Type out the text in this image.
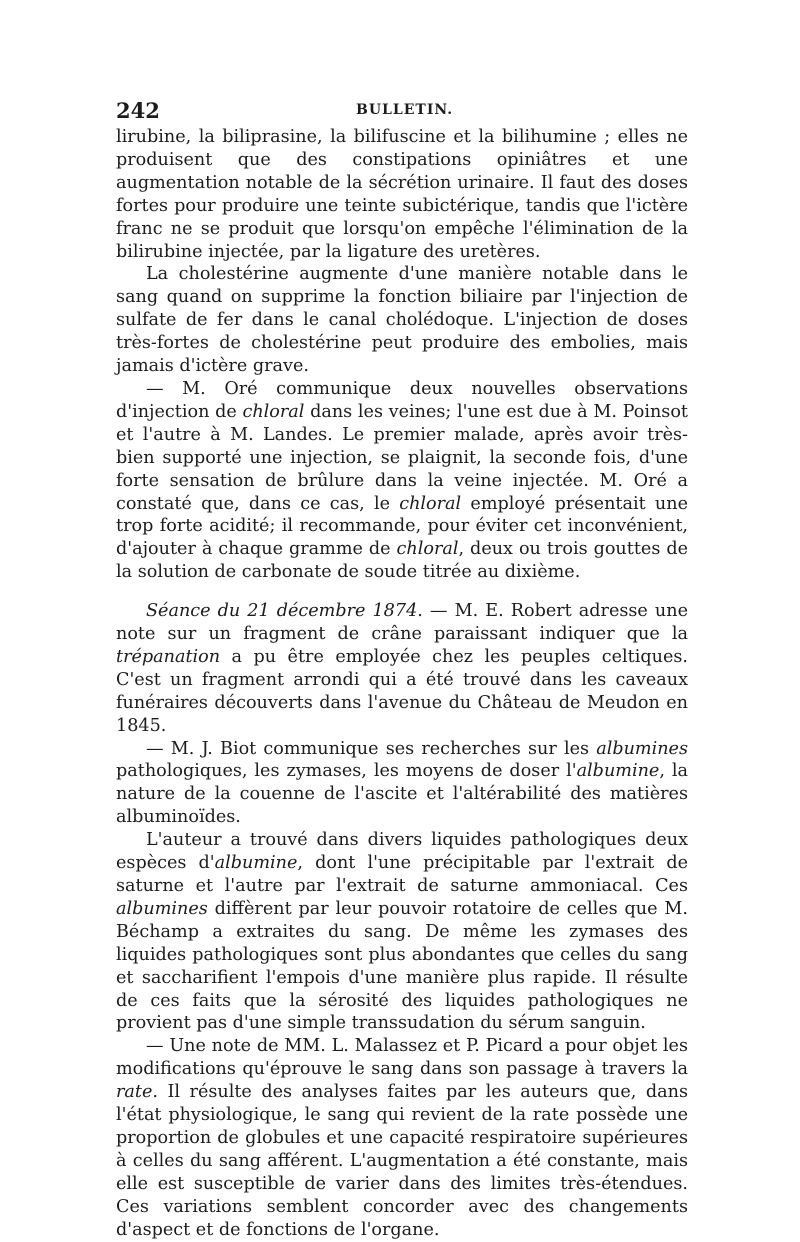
242	BULLETIN.

lirubine, la biliprasine, la bilifuscine et la bilihumine ; elles ne produisent que des constipations opiniâtres et une augmentation notable de la sécrétion urinaire. Il faut des doses fortes pour produire une teinte subictérique, tandis que l'ictère franc ne se produit que lorsqu'on empêche l'élimination de la bilirubine injectée, par la ligature des uretères.

La cholestérine augmente d'une manière notable dans le sang quand on supprime la fonction biliaire par l'injection de sulfate de fer dans le canal cholédoque. L'injection de doses très-fortes de cholestérine peut produire des embolies, mais jamais d'ictère grave.

— M. Oré communique deux nouvelles observations d'injection de chloral dans les veines; l'une est due à M. Poinsot et l'autre à M. Landes. Le premier malade, après avoir très-bien supporté une injection, se plaignit, la seconde fois, d'une forte sensation de brûlure dans la veine injectée. M. Oré a constaté que, dans ce cas, le chloral employé présentait une trop forte acidité; il recommande, pour éviter cet inconvénient, d'ajouter à chaque gramme de chloral, deux ou trois gouttes de la solution de carbonate de soude titrée au dixième.

Séance du 21 décembre 1874. — M. E. Robert adresse une note sur un fragment de crâne paraissant indiquer que la trépanation a pu être employée chez les peuples celtiques. C'est un fragment arrondi qui a été trouvé dans les caveaux funéraires découverts dans l'avenue du Château de Meudon en 1845.

— M. J. Biot communique ses recherches sur les albumines pathologiques, les zymases, les moyens de doser l'albumine, la nature de la couenne de l'ascite et l'altérabilité des matières albuminoïdes.

L'auteur a trouvé dans divers liquides pathologiques deux espèces d'albumine, dont l'une précipitable par l'extrait de saturne et l'autre par l'extrait de saturne ammoniacal. Ces albumines diffèrent par leur pouvoir rotatoire de celles que M. Béchamp a extraites du sang. De même les zymases des liquides pathologiques sont plus abondantes que celles du sang et saccharifient l'empois d'une manière plus rapide. Il résulte de ces faits que la sérosité des liquides pathologiques ne provient pas d'une simple transsudation du sérum sanguin.

— Une note de MM. L. Malassez et P. Picard a pour objet les modifications qu'éprouve le sang dans son passage à travers la rate. Il résulte des analyses faites par les auteurs que, dans l'état physiologique, le sang qui revient de la rate possède une proportion de globules et une capacité respiratoire supérieures à celles du sang afférent. L'augmentation a été constante, mais elle est susceptible de varier dans des limites très-étendues. Ces variations semblent concorder avec des changements d'aspect et de fonctions de l'organe.
